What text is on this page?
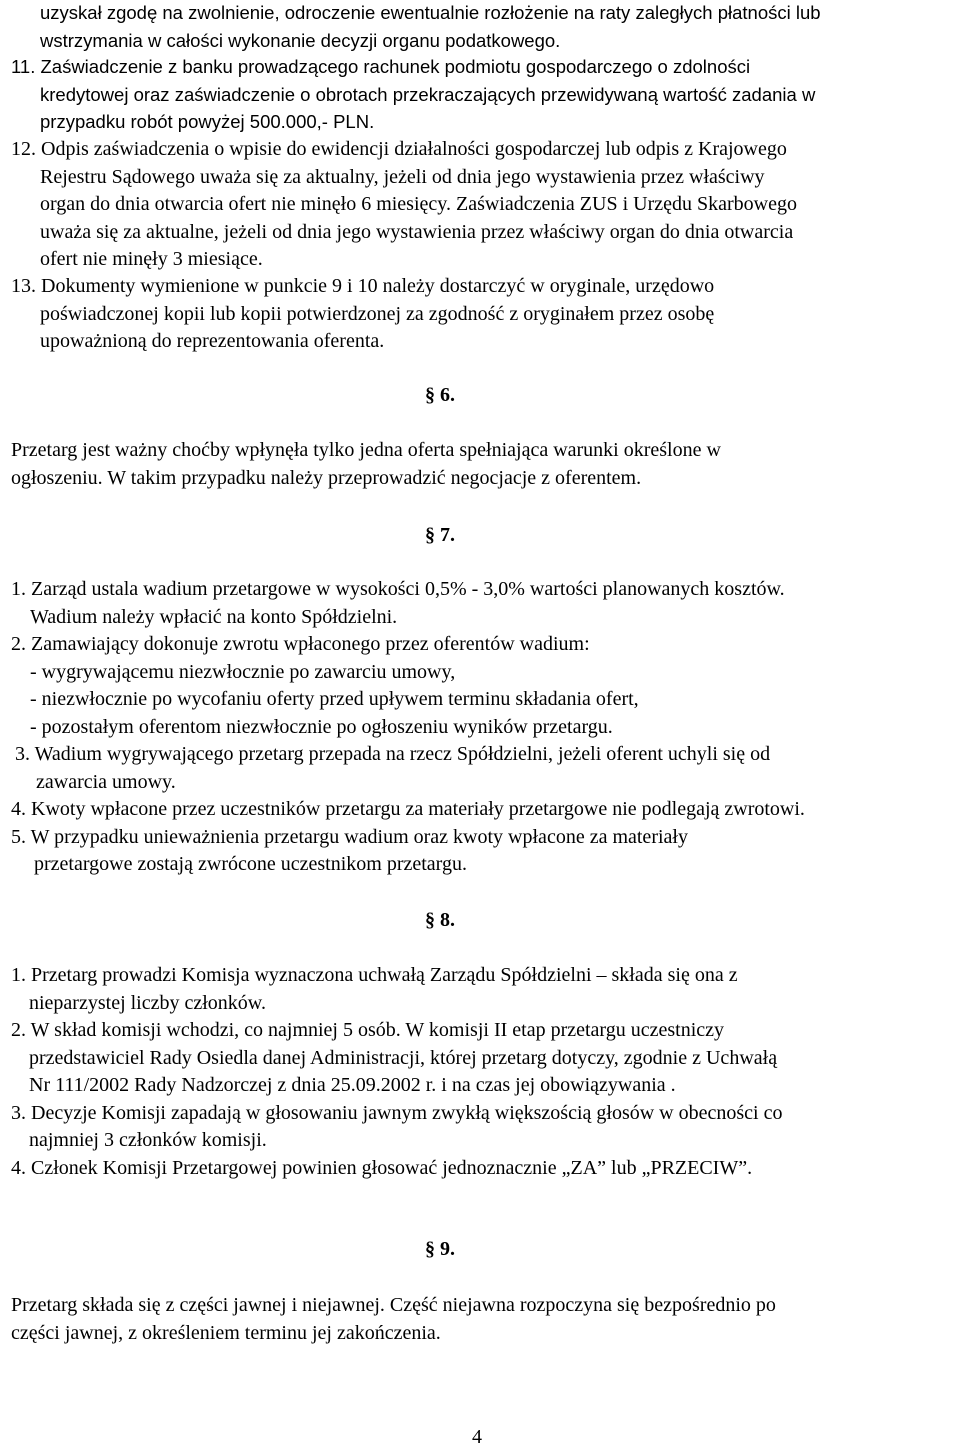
uzyskał zgodę na zwolnienie, odroczenie ewentualnie rozłożenie na raty zaległych płatności lub
wstrzymania w całości wykonanie decyzji organu podatkowego.
11. Zaświadczenie z banku prowadzącego rachunek podmiotu gospodarczego o zdolności
kredytowej oraz zaświadczenie o obrotach przekraczających przewidywaną wartość zadania w
przypadku robót powyżej 500.000,- PLN.
12. Odpis zaświadczenia o wpisie do ewidencji działalności gospodarczej lub odpis z Krajowego
Rejestru Sądowego uważa się za aktualny, jeżeli od dnia jego wystawienia przez właściwy
organ do dnia otwarcia ofert nie minęło 6 miesięcy. Zaświadczenia ZUS i Urzędu Skarbowego
uważa się za aktualne, jeżeli od dnia jego wystawienia przez właściwy organ do dnia otwarcia
ofert nie minęły 3 miesiące.
13. Dokumenty wymienione w punkcie 9 i 10 należy dostarczyć w oryginale, urzędowo
poświadczonej kopii lub kopii potwierdzonej za zgodność z oryginałem przez osobę
upoważnioną do reprezentowania oferenta.
§ 6.
Przetarg jest ważny choćby wpłynęła tylko jedna oferta spełniająca warunki określone w
ogłoszeniu. W takim przypadku należy przeprowadzić negocjacje z oferentem.
§ 7.
1. Zarząd ustala wadium przetargowe w wysokości 0,5% - 3,0% wartości planowanych kosztów.
Wadium należy wpłacić na konto Spółdzielni.
2. Zamawiający dokonuje zwrotu wpłaconego przez oferentów wadium:
- wygrywającemu niezwłocznie po zawarciu umowy,
- niezwłocznie po wycofaniu oferty przed upływem terminu składania ofert,
- pozostałym oferentom niezwłocznie po ogłoszeniu wyników przetargu.
3. Wadium wygrywającego przetarg przepada na rzecz Spółdzielni, jeżeli oferent uchyli się od
zawarcia umowy.
4. Kwoty wpłacone przez uczestników przetargu za materiały przetargowe nie podlegają zwrotowi.
5. W przypadku unieważnienia przetargu wadium oraz kwoty wpłacone za materiały
przetargowe zostają zwrócone uczestnikom przetargu.
§ 8.
1. Przetarg prowadzi Komisja wyznaczona uchwałą Zarządu Spółdzielni – składa się ona z
nieparzystej liczby członków.
2. W skład komisji wchodzi, co najmniej 5 osób. W komisji II etap przetargu uczestniczy
przedstawiciel Rady Osiedla danej Administracji, której przetarg dotyczy, zgodnie z Uchwałą
Nr 111/2002 Rady Nadzorczej z dnia 25.09.2002 r. i na czas jej obowiązywania .
3. Decyzje Komisji zapadają w głosowaniu jawnym zwykłą większością głosów w obecności co
najmniej 3 członków komisji.
4. Członek Komisji Przetargowej powinien głosować jednoznacznie „ZA” lub „PRZECIW”.
§ 9.
Przetarg składa się z części jawnej i niejawnej. Część niejawna rozpoczyna się bezpośrednio po
części jawnej, z określeniem terminu jej zakończenia.
4
